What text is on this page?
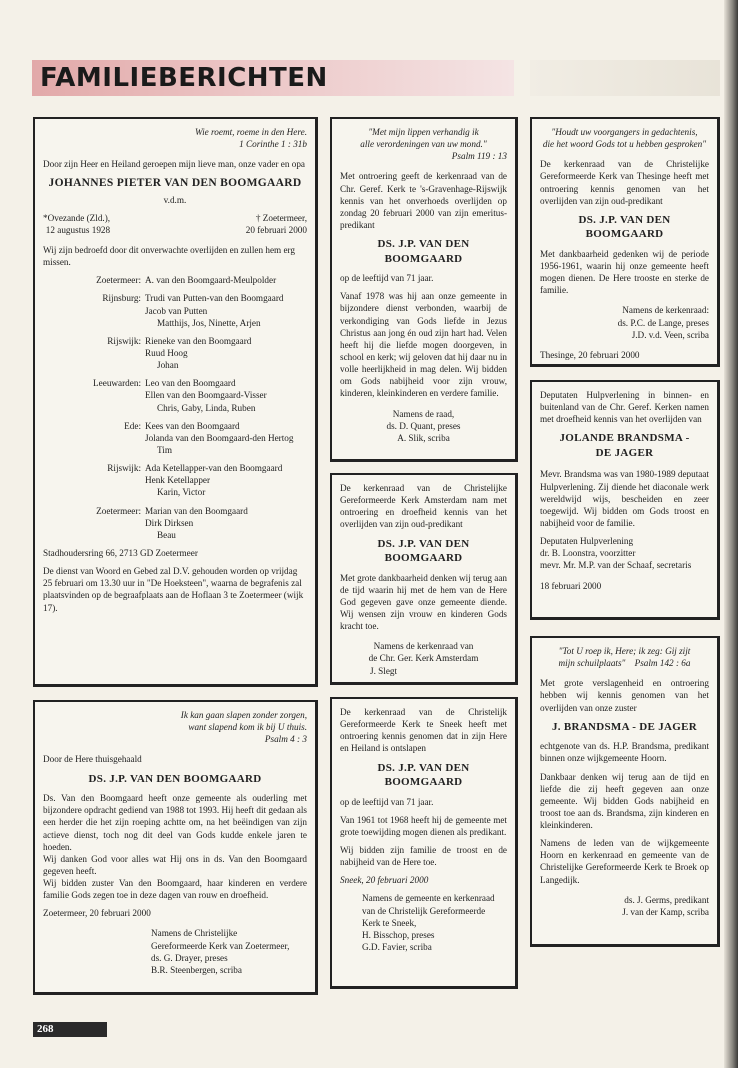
FAMILIEBERICHTEN
Wie roemt, roeme in den Here.
1 Corinthe 1 : 31b

Door zijn Heer en Heiland geroepen mijn lieve man, onze vader en opa

JOHANNES PIETER VAN DEN BOOMGAARD
v.d.m.
*Ovezande (Zld.),
12 augustus 1928
† Zoetermeer,
20 februari 2000

Wij zijn bedroefd door dit onverwachte overlijden en zullen hem erg missen.

Zoetermeer: A. van den Boomgaard-Meulpolder
Rijnsburg: Trudi van Putten-van den Boomgaard
Jacob van Putten
Matthijs, Jos, Ninette, Arjen
Rijswijk: Rieneke van den Boomgaard
Ruud Hoog
Johan
Leeuwarden: Leo van den Boomgaard
Ellen van den Boomgaard-Visser
Chris, Gaby, Linda, Ruben
Ede: Kees van den Boomgaard
Jolanda van den Boomgaard-den Hertog
Tim
Rijswijk: Ada Ketellapper-van den Boomgaard
Henk Ketellapper
Karin, Victor
Zoetermeer: Marian van den Boomgaard
Dirk Dirksen
Beau

Stadhoudersring 66, 2713 GD Zoetermeer

De dienst van Woord en Gebed zal D.V. gehouden worden op vrijdag 25 februari om 13.30 uur in "De Hoeksteen", waarna de begrafenis zal plaatsvinden op de begraafplaats aan de Hoflaan 3 te Zoetermeer (wijk 17).

Ik kan gaan slapen zonder zorgen,
want slapend kom ik bij U thuis.
Psalm 4 : 3

Door de Here thuisgehaald

DS. J.P. VAN DEN BOOMGAARD

Ds. Van den Boomgaard heeft onze gemeente als ouderling met bijzondere opdracht gediend van 1988 tot 1993. Hij heeft dit gedaan als een herder die het zijn roeping achtte om, na het beëindigen van zijn actieve dienst, toch nog dit deel van Gods kudde enkele jaren te hoeden.

Wij danken God voor alles wat Hij ons in ds. Van den Boomgaard gegeven heeft.

Wij bidden zuster Van den Boomgaard, haar kinderen en verdere familie Gods zegen toe in deze dagen van rouw en droefheid.

Zoetermeer, 20 februari 2000

Namens de Christelijke
Gereformeerde Kerk van Zoetermeer,
ds. G. Drayer, preses
B.R. Steenbergen, scriba
"Met mijn lippen verhandig ik
alle verordeningen van uw mond."
Psalm 119 : 13

Met ontroering geeft de kerkenraad van de Chr. Geref. Kerk te 's-Gravenhage-Rijswijk kennis van het onverhoeds overlijden op zondag 20 februari 2000 van zijn emeritus-predikant

DS. J.P. VAN DEN BOOMGAARD

op de leeftijd van 71 jaar.

Vanaf 1978 was hij aan onze gemeente in bijzondere dienst verbonden, waarbij de verkondiging van Gods liefde in Jezus Christus aan jong én oud zijn hart had. Velen heeft hij die liefde mogen doorgeven, in school en kerk; wij geloven dat hij daar nu in volle heerlijkheid in mag delen. Wij bidden om Gods nabijheid voor zijn vrouw, kinderen, kleinkinderen en verdere familie.

Namens de raad,
ds. D. Quant, preses
A. Slik, scriba

De kerkenraad van de Christelijke Gereformeerde Kerk Amsterdam nam met ontroering en droefheid kennis van het overlijden van zijn oud-predikant

DS. J.P. VAN DEN BOOMGAARD

Met grote dankbaarheid denken wij terug aan de tijd waarin hij met de hem van de Here God gegeven gave onze gemeente diende. Wij wensen zijn vrouw en kinderen Gods kracht toe.

Namens de kerkenraad van
de Chr. Ger. Kerk Amsterdam
J. Slegt

De kerkenraad van de Christelijk Gereformeerde Kerk te Sneek heeft met ontroering kennis genomen dat in zijn Here en Heiland is ontslapen

DS. J.P. VAN DEN BOOMGAARD

op de leeftijd van 71 jaar.

Van 1961 tot 1968 heeft hij de gemeente met grote toewijding mogen dienen als predikant.

Wij bidden zijn familie de troost en de nabijheid van de Here toe.

Sneek, 20 februari 2000

Namens de gemeente en kerkenraad
van de Christelijk Gereformeerde
Kerk te Sneek,
H. Bisschop, preses
G.D. Favier, scriba
"Houdt uw voorgangers in gedachtenis,
die het woord Gods tot u hebben gesproken"

De kerkenraad van de Christelijke Gereformeerde Kerk van Thesinge heeft met ontroering kennis genomen van het overlijden van zijn oud-predikant

DS. J.P. VAN DEN BOOMGAARD

Met dankbaarheid gedenken wij de periode 1956-1961, waarin hij onze gemeente heeft mogen dienen. De Here trooste en sterke de familie.

Namens de kerkenraad:
ds. P.C. de Lange, preses
J.D. v.d. Veen, scriba

Thesinge, 20 februari 2000

Deputaten Hulpverlening in binnen- en buitenland van de Chr. Geref. Kerken namen met droefheid kennis van het overlijden van

JOLANDE BRANDSMA -
DE JAGER

Mevr. Brandsma was van 1980-1989 deputaat Hulpverlening. Zij diende het diaconale werk wereldwijd wijs, bescheiden en zeer toegewijd. Wij bidden om Gods troost en nabijheid voor de familie.

Deputaten Hulpverlening
dr. B. Loonstra, voorzitter
mevr. Mr. M.P. van der Schaaf, secretaris

18 februari 2000

"Tot U roep ik, Here; ik zeg: Gij zijt
mijn schuilplaats" Psalm 142 : 6a

Met grote verslagenheid en ontroering hebben wij kennis genomen van het overlijden van onze zuster

J. BRANDSMA - DE JAGER

echtgenote van ds. H.P. Brandsma, predikant binnen onze wijkgemeente Hoorn.

Dankbaar denken wij terug aan de tijd en liefde die zij heeft gegeven aan onze gemeente. Wij bidden Gods nabijheid en troost toe aan ds. Brandsma, zijn kinderen en kleinkinderen.

Namens de leden van de wijkgemeente Hoorn en kerkenraad en gemeente van de Christelijke Gereformeerde Kerk te Broek op Langedijk.

ds. J. Germs, predikant
J. van der Kamp, scriba
268
